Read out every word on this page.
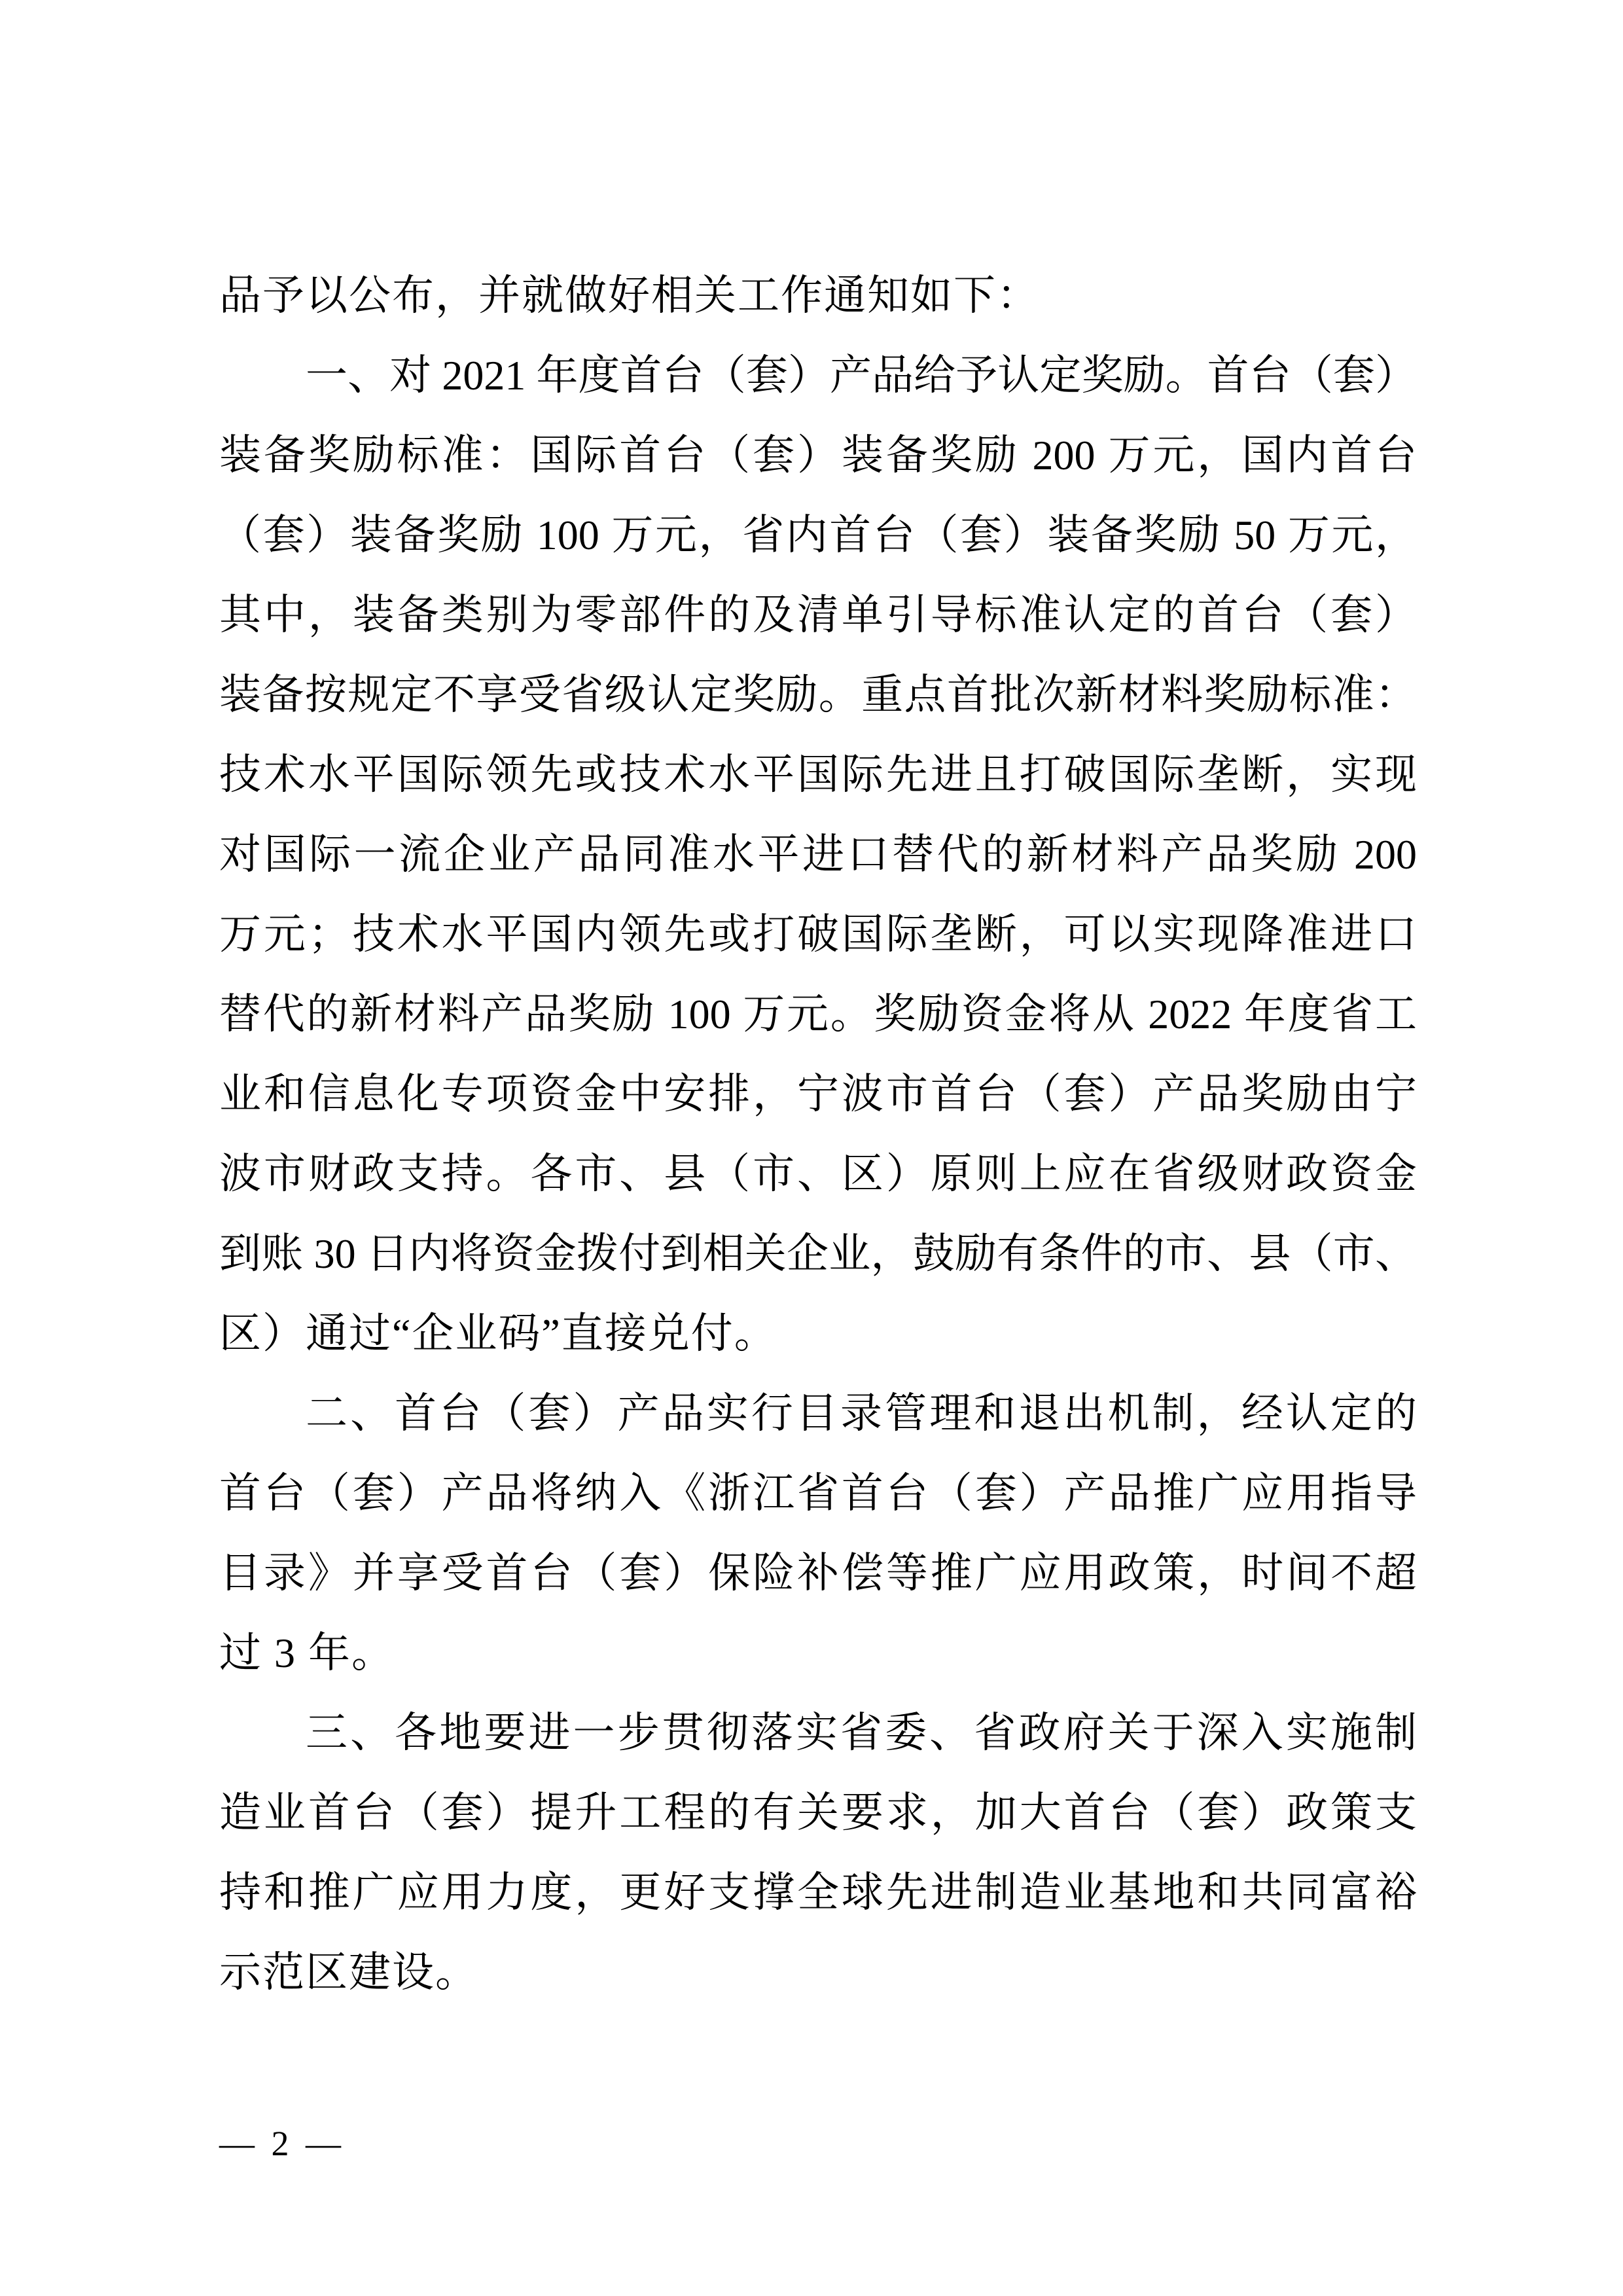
品予以公布，并就做好相关工作通知如下：

一、对 2021 年度首台（套）产品给予认定奖励。首台（套）

装备奖励标准：国际首台（套）装备奖励 200 万元，国内首台

（套）装备奖励 100 万元，省内首台（套）装备奖励 50 万元，

其中，装备类别为零部件的及清单引导标准认定的首台（套）

装备按规定不享受省级认定奖励。重点首批次新材料奖励标准：

技术水平国际领先或技术水平国际先进且打破国际垄断，实现

对国际一流企业产品同准水平进口替代的新材料产品奖励 200

万元；技术水平国内领先或打破国际垄断，可以实现降准进口

替代的新材料产品奖励 100 万元。奖励资金将从 2022 年度省工

业和信息化专项资金中安排，宁波市首台（套）产品奖励由宁

波市财政支持。各市、县（市、区）原则上应在省级财政资金

到账 30 日内将资金拨付到相关企业，鼓励有条件的市、县（市、

区）通过“企业码”直接兑付。

二、首台（套）产品实行目录管理和退出机制，经认定的

首台（套）产品将纳入《浙江省首台（套）产品推广应用指导

目录》并享受首台（套）保险补偿等推广应用政策，时间不超

过 3 年。

三、各地要进一步贯彻落实省委、省政府关于深入实施制

造业首台（套）提升工程的有关要求，加大首台（套）政策支

持和推广应用力度，更好支撑全球先进制造业基地和共同富裕

示范区建设。

— 2 —
